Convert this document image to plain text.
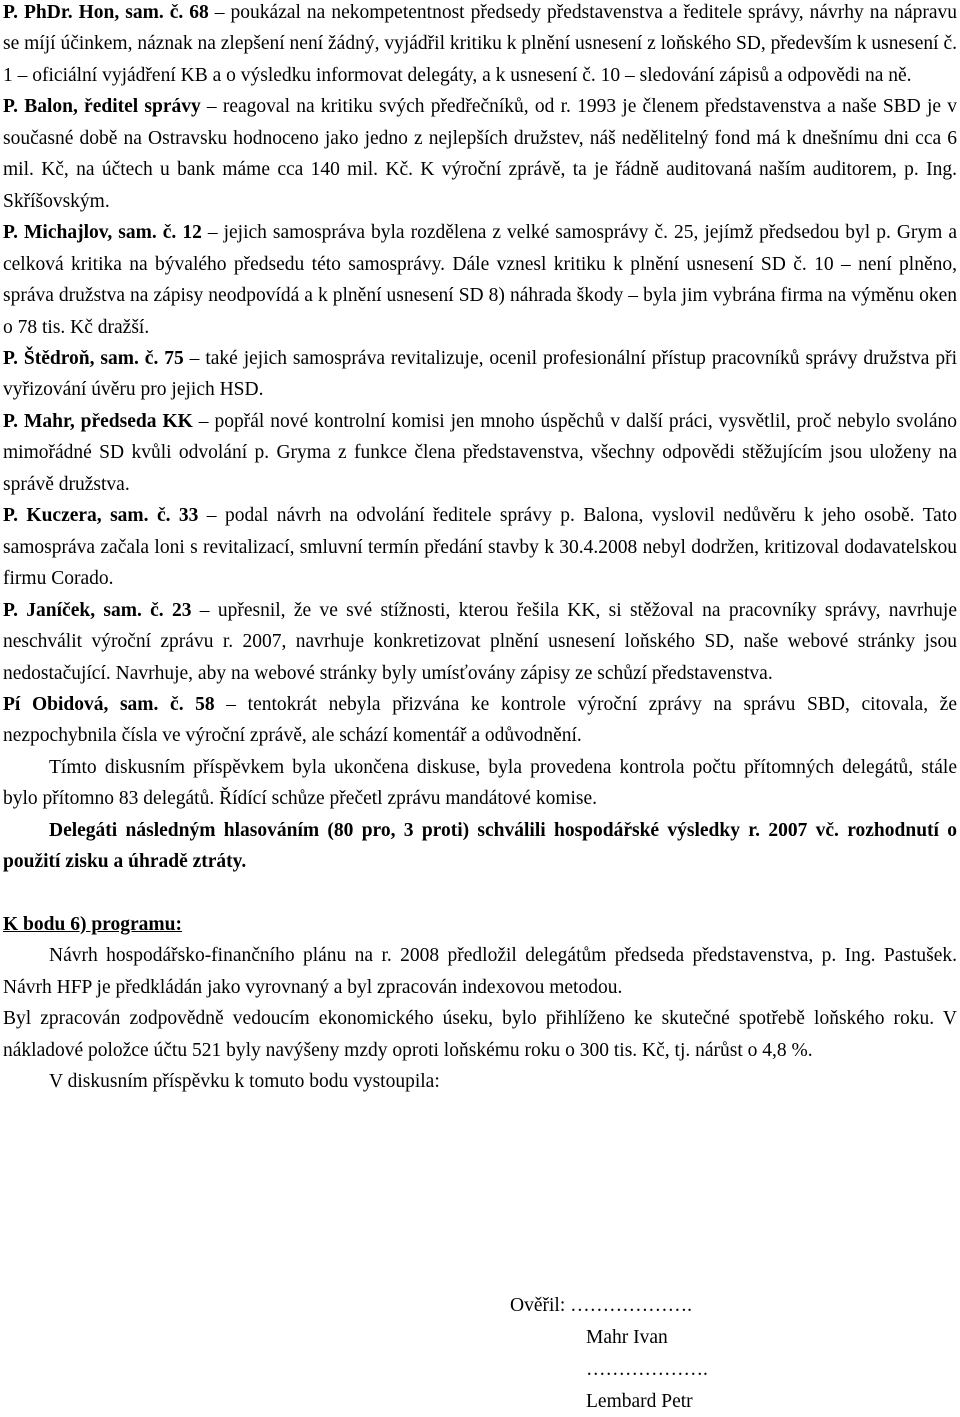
P. PhDr. Hon, sam. č. 68 – poukázal na nekompetentnost předsedy představenstva a ředitele správy, návrhy na nápravu se míjí účinkem, náznak na zlepšení není žádný, vyjádřil kritiku k plnění usnesení z loňského SD, především k usnesení č. 1 – oficiální vyjádření KB a o výsledku informovat delegáty, a k usnesení č. 10 – sledování zápisů a odpovědi na ně.

P. Balon, ředitel správy – reagoval na kritiku svých předřečníků, od r. 1993 je členem představenstva a naše SBD je v současné době na Ostravsku hodnoceno jako jedno z nejlepších družstev, náš nedělitelný fond má k dnešnímu dni cca 6 mil. Kč, na účtech u bank máme cca 140 mil. Kč. K výroční zprávě, ta je řádně auditovaná naším auditorem, p. Ing. Skříšovským.

P. Michajlov, sam. č. 12 – jejich samospráva byla rozdělena z velké samosprávy č. 25, jejímž předsedou byl p. Grym a celková kritika na bývalého předsedu této samosprávy. Dále vznesl kritiku k plnění usnesení SD č. 10 – není plněno, správa družstva na zápisy neodpovídá a k plnění usnesení SD 8) náhrada škody – byla jim vybrána firma na výměnu oken o 78 tis. Kč dražší.

P. Štědroň, sam. č. 75 – také jejich samospráva revitalizuje, ocenil profesionální přístup pracovníků správy družstva při vyřizování úvěru pro jejich HSD.

P. Mahr, předseda KK – popřál nové kontrolní komisi jen mnoho úspěchů v další práci, vysvětlil, proč nebylo svoláno mimořádné SD kvůli odvolání p. Gryma z funkce člena představenstva, všechny odpovědi stěžujícím jsou uloženy na správě družstva.

P. Kuczera, sam. č. 33 – podal návrh na odvolání ředitele správy p. Balona, vyslovil nedůvěru k jeho osobě. Tato samospráva začala loni s revitalizací, smluvní termín předání stavby k 30.4.2008 nebyl dodržen, kritizoval dodavatelskou firmu Corado.

P. Janíček, sam. č. 23 – upřesnil, že ve své stížnosti, kterou řešila KK, si stěžoval na pracovníky správy, navrhuje neschválit výroční zprávu r. 2007, navrhuje konkretizovat plnění usnesení loňského SD, naše webové stránky jsou nedostačující. Navrhuje, aby na webové stránky byly umísťovány zápisy ze schůzí představenstva.

Pí Obidová, sam. č. 58 – tentokrát nebyla přizvána ke kontrole výroční zprávy na správu SBD, citovala, že nezpochybnila čísla ve výroční zprávě, ale schází komentář a odůvodnění.

Tímto diskusním příspěvkem byla ukončena diskuse, byla provedena kontrola počtu přítomných delegátů, stále bylo přítomno 83 delegátů. Řídící schůze přečetl zprávu mandátové komise.

Delegáti následným hlasováním (80 pro, 3 proti) schválili hospodářské výsledky r. 2007 vč. rozhodnutí o použití zisku a úhradě ztráty.

K bodu 6) programu:

Návrh hospodářsko-finančního plánu na r. 2008 předložil delegátům předseda představenstva, p. Ing. Pastušek. Návrh HFP je předkládán jako vyrovnaný a byl zpracován indexovou metodou.

Byl zpracován zodpovědně vedoucím ekonomického úseku, bylo přihlíženo ke skutečné spotřebě loňského roku. V nákladové položce účtu 521 byly navýšeny mzdy oproti loňskému roku o 300 tis. Kč, tj. nárůst o 4,8 %.

V diskusním příspěvku k tomuto bodu vystoupila:

Ověřil: ……………….
Mahr Ivan
……………….
Lembard Petr
